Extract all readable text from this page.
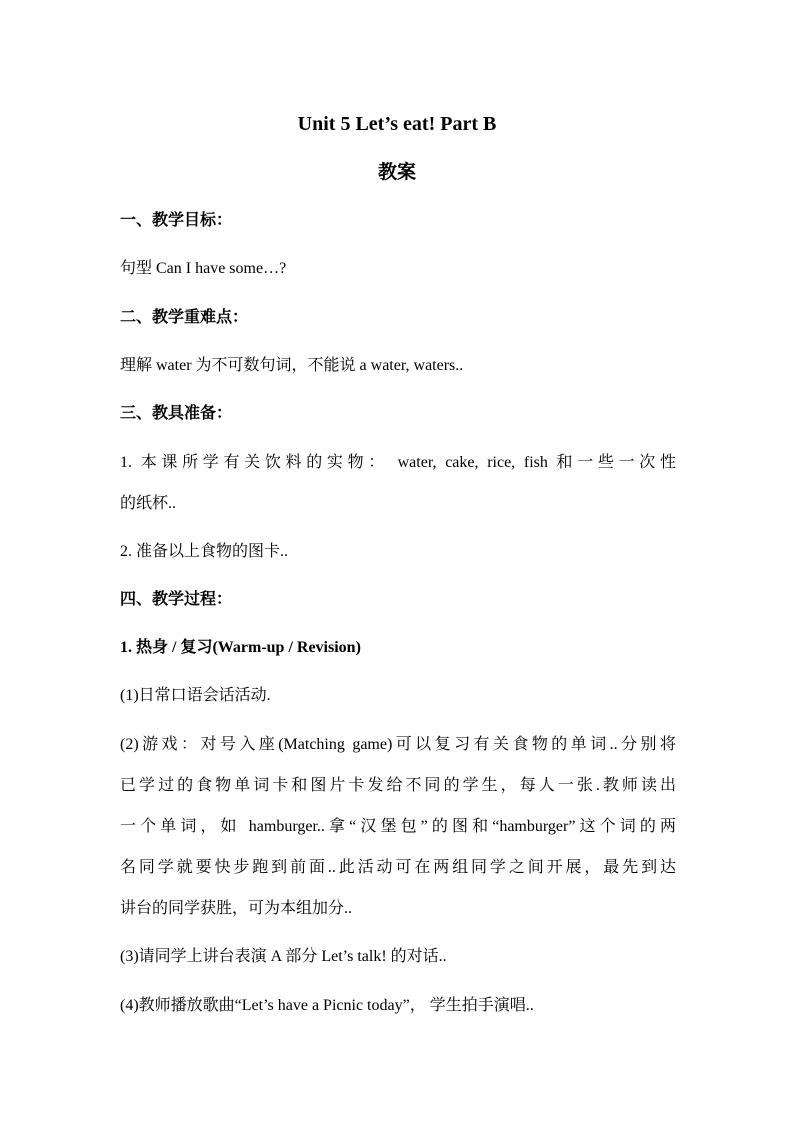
Unit 5 Let’s eat! Part B
教案
一、教学目标：
句型 Can I have some…?
二、教学重难点：
理解 water 为不可数句词，不能说 a water, waters..
三、教具准备：
1. 本课所学有关饮料的实物： water, cake, rice, fish 和一些一次性
的纸杯..
2. 准备以上食物的图卡..
四、教学过程：
1. 热身 / 复习(Warm-up / Revision)
(1)日常口语会话活动.
(2)游戏：对号入座(Matching game)可以复习有关食物的单词..分别将
已学过的食物单词卡和图片卡发给不同的学生，每人一张.教师读出
一个单词，如 hamburger..拿“汉堡包”的图和“hamburger”这个词的两
名同学就要快步跑到前面..此活动可在两组同学之间开展，最先到达
讲台的同学获胜，可为本组加分..
(3)请同学上讲台表演 A 部分 Let’s talk! 的对话..
(4)教师播放歌曲“Let’s have a Picnic today”， 学生拍手演唱..
